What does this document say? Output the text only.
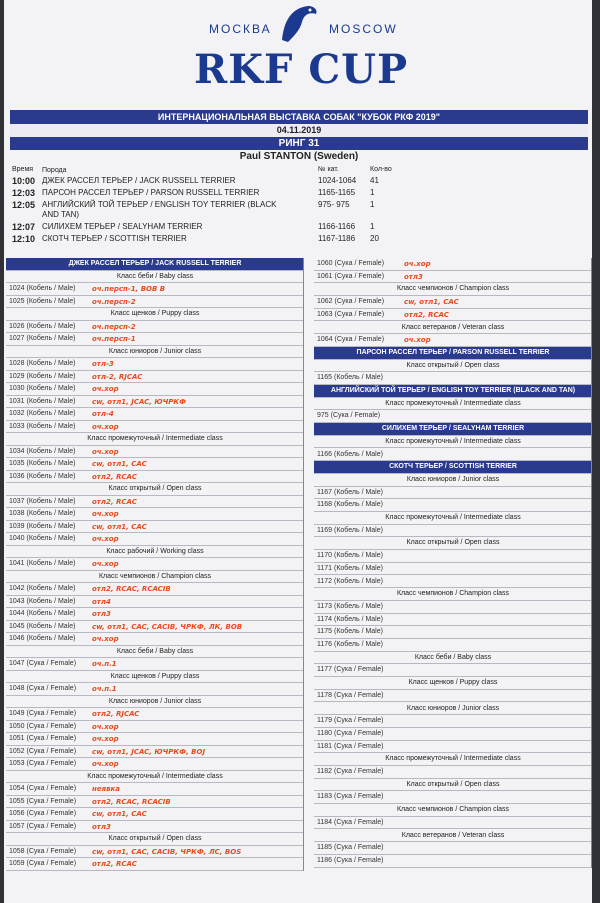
МОСКВА	MOSCOW
RKF CUP
ИНТЕРНАЦИОНАЛЬНАЯ ВЫСТАВКА СОБАК "КУБОК РКФ 2019"
04.11.2019
РИНГ 31
Paul STANTON (Sweden)
Время Порода	№ кат.	Кол-во
10:00 ДЖЕК РАССЕЛ ТЕРЬЕР / JACK RUSSELL TERRIER	1024-1064 41
12:03 ПАРСОН РАССЕЛ ТЕРЬЕР / PARSON RUSSELL TERRIER	1165-1165 1
12:05 АНГЛИЙСКИЙ ТОЙ ТЕРЬЕР / ENGLISH TOY TERRIER (BLACK AND TAN)
975- 975	1
12:07 СИЛИХЕМ ТЕРЬЕР / SEALYHAM TERRIER	1166-1166 1
12:10 СКОТЧ ТЕРЬЕР / SCOTTISH TERRIER	1167-1186 20
ДЖЕК РАССЕЛ ТЕРЬЕР / JACK RUSSELL TERRIER
Класс беби / Baby class
1024 (Кобель / Male) оч.персп-1, BOB B
1025 (Кобель / Male) оч.персп-2
Класс щенков / Puppy class
1026 (Кобель / Male) оч.персп-2
1027 (Кобель / Male) оч.персп-1
Класс юниоров / Junior class
1028 (Кобель / Male) отл-3
1029 (Кобель / Male) отл-2, RJCAC
1030 (Кобель / Male) оч.хор
1031 (Кобель / Male) cw, отл1, JCAC, ЮЧРКФ
1032 (Кобель / Male) отл-4
1033 (Кобель / Male) оч.хор
Класс промежуточный / Intermediate class
1034 (Кобель / Male) оч.хор
1035 (Кобель / Male) cw, отл1, CAC
1036 (Кобель / Male) отл2, RCAC
Класс открытый / Open class
1037 (Кобель / Male) отл2, RCAC
1038 (Кобель / Male) оч.хор
1039 (Кобель / Male) cw, отл1, CAC
1040 (Кобель / Male) оч.хор
Класс рабочий / Working class
1041 (Кобель / Male) оч.хор
Класс чемпионов / Champion class
1042 (Кобель / Male) отл2, RCAC, RCACIB
1043 (Кобель / Male) отл4
1044 (Кобель / Male) отл3
1045 (Кобель / Male) cw, отл1, CAC, CACIB, ЧРКФ, ЛК, BOB
1046 (Кобель / Male) оч.хор
Класс беби / Baby class
1047 (Сука / Female) оч.п.1
Класс щенков / Puppy class
1048 (Сука / Female) оч.п.1
Класс юниоров / Junior class
1049 (Сука / Female) отл2, RJCAC
1050 (Сука / Female) оч.хор
1051 (Сука / Female) оч.хор
1052 (Сука / Female) cw, отл1, JCAC, ЮЧРКФ, BOJ
1053 (Сука / Female) оч.хор
Класс промежуточный / Intermediate class
1054 (Сука / Female) неявка
1055 (Сука / Female) отл2, RCAC, RCACIB
1056 (Сука / Female) cw, отл1, CAC
1057 (Сука / Female) отл3
Класс открытый / Open class
1058 (Сука / Female) cw, отл1, CAC, CACIB, ЧРКФ, ЛС, BOS
1059 (Сука / Female) отл2, RCAC
1060 (Сука / Female)	оч.хор
1061 (Сука / Female)	отл3
Класс чемпионов / Champion class
1062 (Сука / Female)	cw, отл1, CAC
1063 (Сука / Female)	отл2, RCAC
Класс ветеранов / Veteran class
1064 (Сука / Female)	оч.хор
ПАРСОН РАССЕЛ ТЕРЬЕР / PARSON RUSSELL TERRIER
Класс открытый / Open class
1165 (Кобель / Male)
АНГЛИЙСКИЙ ТОЙ ТЕРЬЕР / ENGLISH TOY TERRIER (BLACK AND TAN)
Класс промежуточный / Intermediate class
975 (Сука / Female)
СИЛИХЕМ ТЕРЬЕР / SEALYHAM TERRIER
Класс промежуточный / Intermediate class
1166 (Кобель / Male)
СКОТЧ ТЕРЬЕР / SCOTTISH TERRIER
Класс юниоров / Junior class
1167 (Кобель / Male)
1168 (Кобель / Male)
Класс промежуточный / Intermediate class
1169 (Кобель / Male)
Класс открытый / Open class
1170 (Кобель / Male)
1171 (Кобель / Male)
1172 (Кобель / Male)
Класс чемпионов / Champion class
1173 (Кобель / Male)
1174 (Кобель / Male)
1175 (Кобель / Male)
1176 (Кобель / Male)
Класс беби / Baby class
1177 (Сука / Female)
Класс щенков / Puppy class
1178 (Сука / Female)
Класс юниоров / Junior class
1179 (Сука / Female)
1180 (Сука / Female)
1181 (Сука / Female)
Класс промежуточный / Intermediate class
1182 (Сука / Female)
Класс открытый / Open class
1183 (Сука / Female)
Класс чемпионов / Champion class
1184 (Сука / Female)
Класс ветеранов / Veteran class
1185 (Сука / Female)
1186 (Сука / Female)
